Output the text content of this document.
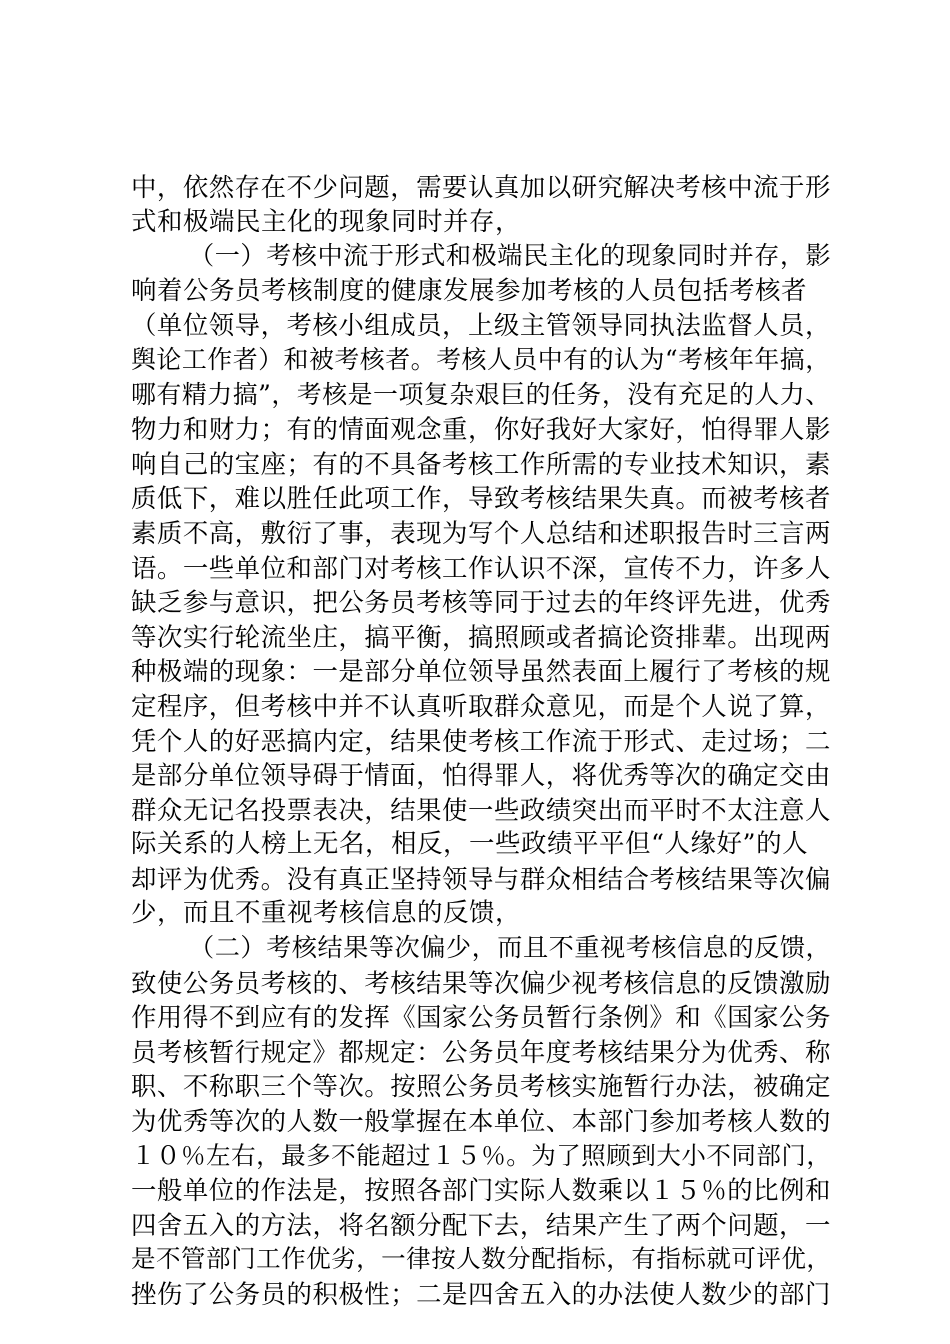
中，依然存在不少问题，需要认真加以研究解决考核中流于形
式和极端民主化的现象同时并存，
（一）考核中流于形式和极端民主化的现象同时并存，影
响着公务员考核制度的健康发展参加考核的人员包括考核者
（单位领导，考核小组成员，上级主管领导同执法监督人员，
舆论工作者）和被考核者。考核人员中有的认为“考核年年搞，
哪有精力搞”，考核是一项复杂艰巨的任务，没有充足的人力、
物力和财力；有的情面观念重，你好我好大家好，怕得罪人影
响自己的宝座；有的不具备考核工作所需的专业技术知识，素
质低下，难以胜任此项工作，导致考核结果失真。而被考核者
素质不高，敷衍了事，表现为写个人总结和述职报告时三言两
语。一些单位和部门对考核工作认识不深，宣传不力，许多人
缺乏参与意识，把公务员考核等同于过去的年终评先进，优秀
等次实行轮流坐庄，搞平衡，搞照顾或者搞论资排辈。出现两
种极端的现象：一是部分单位领导虽然表面上履行了考核的规
定程序，但考核中并不认真听取群众意见，而是个人说了算，
凭个人的好恶搞内定，结果使考核工作流于形式、走过场；二
是部分单位领导碍于情面，怕得罪人，将优秀等次的确定交由
群众无记名投票表决，结果使一些政绩突出而平时不太注意人
际关系的人榜上无名，相反，一些政绩平平但“人缘好”的人
却评为优秀。没有真正坚持领导与群众相结合考核结果等次偏
少，而且不重视考核信息的反馈，
（二）考核结果等次偏少，而且不重视考核信息的反馈，
致使公务员考核的、考核结果等次偏少视考核信息的反馈激励
作用得不到应有的发挥《国家公务员暂行条例》和《国家公务
员考核暂行规定》都规定：公务员年度考核结果分为优秀、称
职、不称职三个等次。按照公务员考核实施暂行办法，被确定
为优秀等次的人数一般掌握在本单位、本部门参加考核人数的
１０％左右，最多不能超过１５％。为了照顾到大小不同部门，
一般单位的作法是，按照各部门实际人数乘以１５％的比例和
四舍五入的方法，将名额分配下去，结果产生了两个问题，一
是不管部门工作优劣，一律按人数分配指标，有指标就可评优，
挫伤了公务员的积极性；二是四舍五入的办法使人数少的部门
